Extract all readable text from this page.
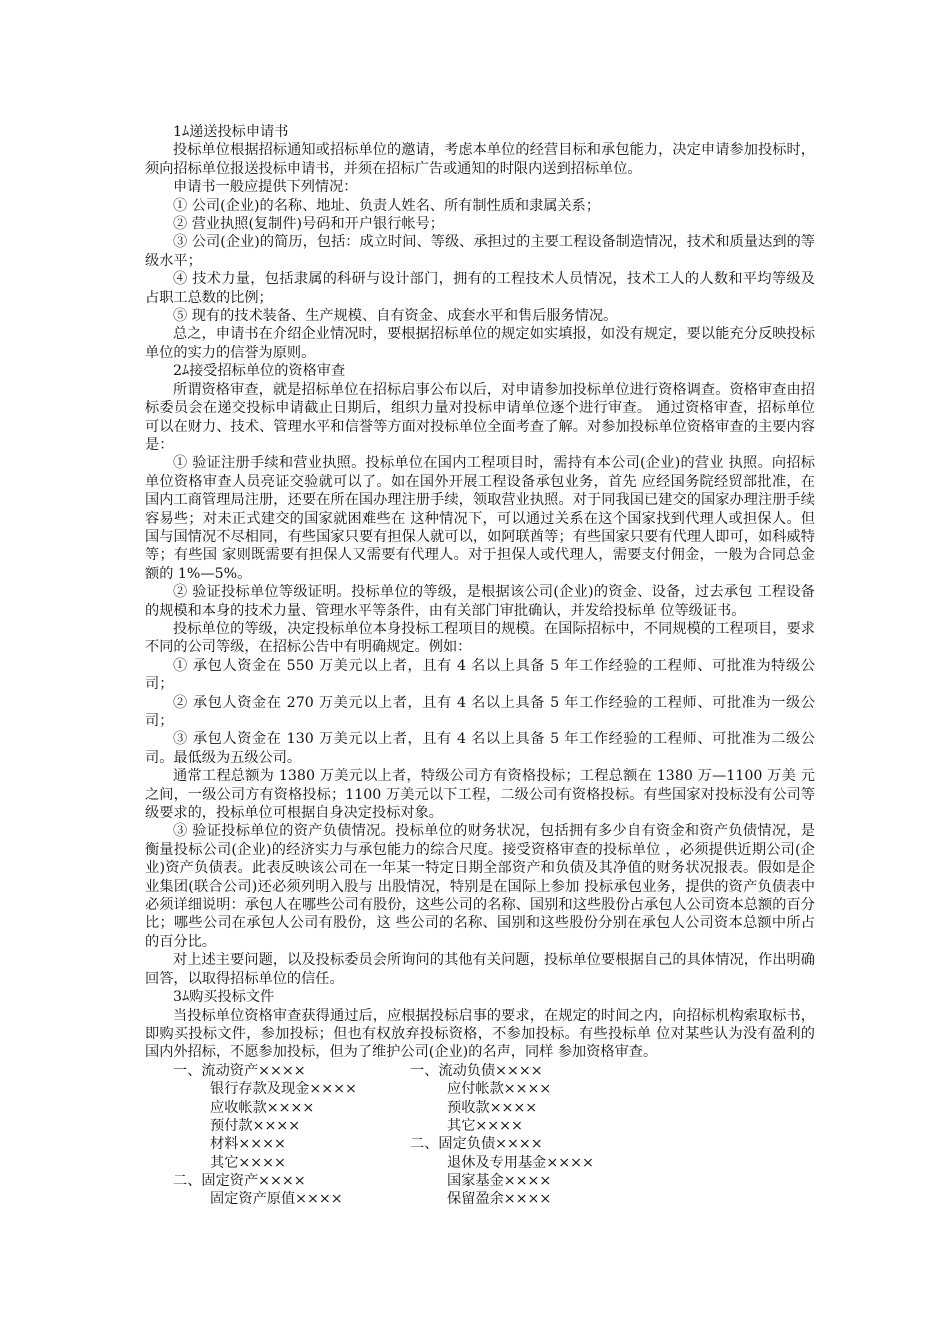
1ﾑ递送投标申请书

投标单位根据招标通知或招标单位的邀请，考虑本单位的经营目标和承包能力，决定申请参加投标时，须向招标单位报送投标申请书，并须在招标广告或通知的时限内送到招标单位。

申请书一般应提供下列情况：

① 公司(企业)的名称、地址、负责人姓名、所有制性质和隶属关系；

② 营业执照(复制件)号码和开户银行帐号；

③ 公司(企业)的简历，包括：成立时间、等级、承担过的主要工程设备制造情况，技术和质量达到的等级水平；

④ 技术力量，包括隶属的科研与设计部门，拥有的工程技术人员情况，技术工人的人数和平均等级及占职工总数的比例；

⑤ 现有的技术装备、生产规模、自有资金、成套水平和售后服务情况。

总之，申请书在介绍企业情况时，要根据招标单位的规定如实填报，如没有规定，要以能充分反映投标单位的实力的信誉为原则。

2ﾑ接受招标单位的资格审查

所谓资格审查，就是招标单位在招标启事公布以后，对申请参加投标单位进行资格调查。资格审查由招标委员会在递交投标申请截止日期后，组织力量对投标申请单位逐个进行审查。 通过资格审查，招标单位可以在财力、技术、管理水平和信誉等方面对投标单位全面考查了解。对参加投标单位资格审查的主要内容是：

① 验证注册手续和营业执照。投标单位在国内工程项目时，需持有本公司(企业)的营业 执照。向招标单位资格审查人员亮证交验就可以了。如在国外开展工程设备承包业务，首先 应经国务院经贸部批准，在国内工商管理局注册，还要在所在国办理注册手续，领取营业执照。对于同我国已建交的国家办理注册手续容易些；对未正式建交的国家就困难些在 这种情况下，可以通过关系在这个国家找到代理人或担保人。但国与国情况不尽相同，有些国家只要有担保人就可以，如阿联酋等；有些国家只要有代理人即可，如科威特等；有些国 家则既需要有担保人又需要有代理人。对于担保人或代理人，需要支付佣金，一般为合同总金额的 1%—5%。

② 验证投标单位等级证明。投标单位的等级，是根据该公司(企业)的资金、设备，过去承包 工程设备的规模和本身的技术力量、管理水平等条件，由有关部门审批确认，并发给投标单 位等级证书。

投标单位的等级，决定投标单位本身投标工程项目的规模。在国际招标中，不同规模的工程项目，要求不同的公司等级，在招标公告中有明确规定。例如：

① 承包人资金在 550 万美元以上者，且有 4 名以上具备 5 年工作经验的工程师、可批准为特级公司；

② 承包人资金在 270 万美元以上者，且有 4 名以上具备 5 年工作经验的工程师、可批准为一级公司；

③ 承包人资金在 130 万美元以上者，且有 4 名以上具备 5 年工作经验的工程师、可批准为二级公司。最低级为五级公司。

通常工程总额为 1380 万美元以上者，特级公司方有资格投标；工程总额在 1380 万—1100 万美 元之间，一级公司方有资格投标；1100 万美元以下工程，二级公司有资格投标。有些国家对投标没有公司等级要求的，投标单位可根据自身决定投标对象。

③ 验证投标单位的资产负债情况。投标单位的财务状况，包括拥有多少自有资金和资产负债情况，是衡量投标公司(企业)的经济实力与承包能力的综合尺度。接受资格审查的投标单位 ，必须提供近期公司(企业)资产负债表。此表反映该公司在一年某一特定日期全部资产和负债及其净值的财务状况报表。假如是企业集团(联合公司)还必须列明入股与 出股情况，特别是在国际上参加 投标承包业务，提供的资产负债表中必须详细说明：承包人在哪些公司有股份，这些公司的名称、国别和这些股份占承包人公司资本总额的百分比；哪些公司在承包人公司有股份，这 些公司的名称、国别和这些股份分别在承包人公司资本总额中所占的百分比。

对上述主要问题，以及投标委员会所询问的其他有关问题，投标单位要根据自己的具体情况，作出明确回答，以取得招标单位的信任。

3ﾑ购买投标文件

当投标单位资格审查获得通过后，应根据投标启事的要求，在规定的时间之内，向招标机构索取标书，即购买投标文件，参加投标；但也有权放弃投标资格，不参加投标。有些投标单 位对某些认为没有盈利的国内外招标，不愿参加投标，但为了维护公司(企业)的名声，同样 参加资格审查。

一、流动资产××××
银行存款及现金××××
应收帐款××××
预付款××××
材料××××
其它××××
二、固定资产××××
固定资产原值××××
一、流动负债××××
应付帐款××××
预收款××××
其它××××
二、固定负债××××
退休及专用基金××××
国家基金××××
保留盈余××××
